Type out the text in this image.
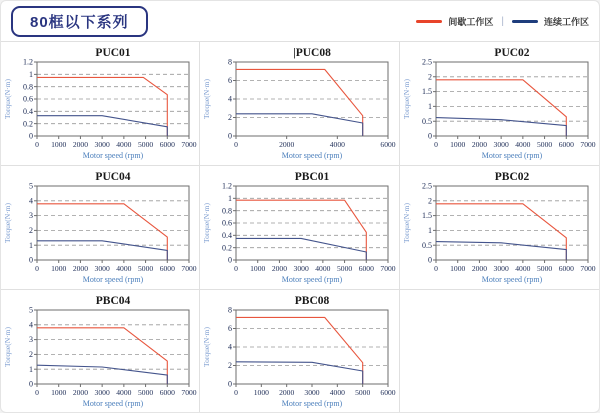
80框以下系列	间歇工作区 |	连续工作区
0 1000 2000 3000 4000 5000 6000 7000
0
0.2
0.4
0.6
0.8
1
1.2
PUC01
Motor speed (rpm)
Torque(N·m)
0	2000	4000	6000
0
2
4
6
8
|PUC08
Motor speed (rpm)
Torque(N·m)
0 1000 2000 3000 4000 5000 6000 7000
0
0.5
1
1.5
2
2.5
PUC02
Motor speed (rpm)
Torque(N·m)
0 1000 2000 3000 4000 5000 6000 7000
0
1
2
3
4
5
PUC04
Motor speed (rpm)
Torque(N·m)
0 1000 2000 3000 4000 5000 6000 7000
0
0.2
0.4
0.6
0.8
1
1.2
PBC01
Motor speed (rpm)
Torque(N·m)
0 1000 2000 3000 4000 5000 6000 7000
0
0.5
1
1.5
2
2.5
PBC02
Motor speed (rpm)
Torque(N·m)
0 1000 2000 3000 4000 5000 6000 7000
0
1
2
3
4
5
PBC04
Motor speed (rpm)
Torque(N·m)
0 1000 2000 3000 4000 5000 6000
0
2
4
6
8
PBC08
Motor speed (rpm)
Torque(N·m)
